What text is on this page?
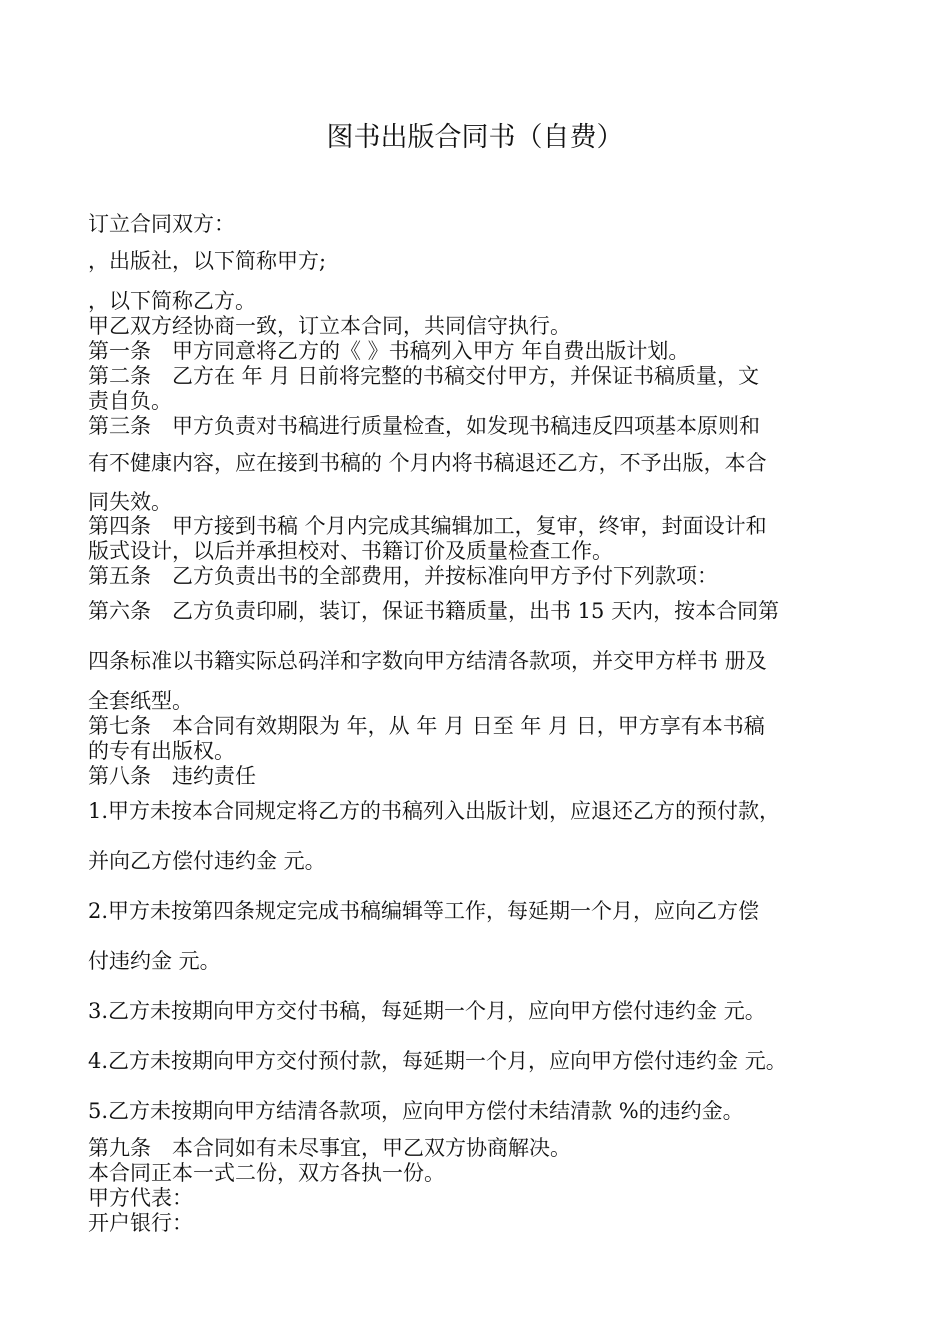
图书出版合同书（自费）
订立合同双方：
，出版社，以下简称甲方;
，以下简称乙方。
甲乙双方经协商一致，订立本合同，共同信守执行。
第一条　甲方同意将乙方的《 》书稿列入甲方 年自费出版计划。
第二条　乙方在 年 月 日前将完整的书稿交付甲方，并保证书稿质量，文
责自负。
第三条　甲方负责对书稿进行质量检查，如发现书稿违反四项基本原则和
有不健康内容，应在接到书稿的 个月内将书稿退还乙方，不予出版，本合
同失效。
第四条　甲方接到书稿 个月内完成其编辑加工，复审，终审，封面设计和
版式设计，以后并承担校对、书籍订价及质量检查工作。
第五条　乙方负责出书的全部费用，并按标准向甲方予付下列款项：
第六条　乙方负责印刷，装订，保证书籍质量，出书 15 天内，按本合同第
四条标准以书籍实际总码洋和字数向甲方结清各款项，并交甲方样书 册及
全套纸型。
第七条　本合同有效期限为 年，从 年 月 日至 年 月 日，甲方享有本书稿
的专有出版权。
第八条　违约责任
1.甲方未按本合同规定将乙方的书稿列入出版计划，应退还乙方的预付款，
并向乙方偿付违约金 元。
2.甲方未按第四条规定完成书稿编辑等工作，每延期一个月，应向乙方偿
付违约金 元。
3.乙方未按期向甲方交付书稿，每延期一个月，应向甲方偿付违约金 元。
4.乙方未按期向甲方交付预付款，每延期一个月，应向甲方偿付违约金 元。
5.乙方未按期向甲方结清各款项，应向甲方偿付未结清款 %的违约金。
第九条　本合同如有未尽事宜，甲乙双方协商解决。
本合同正本一式二份，双方各执一份。
甲方代表：
开户银行：
